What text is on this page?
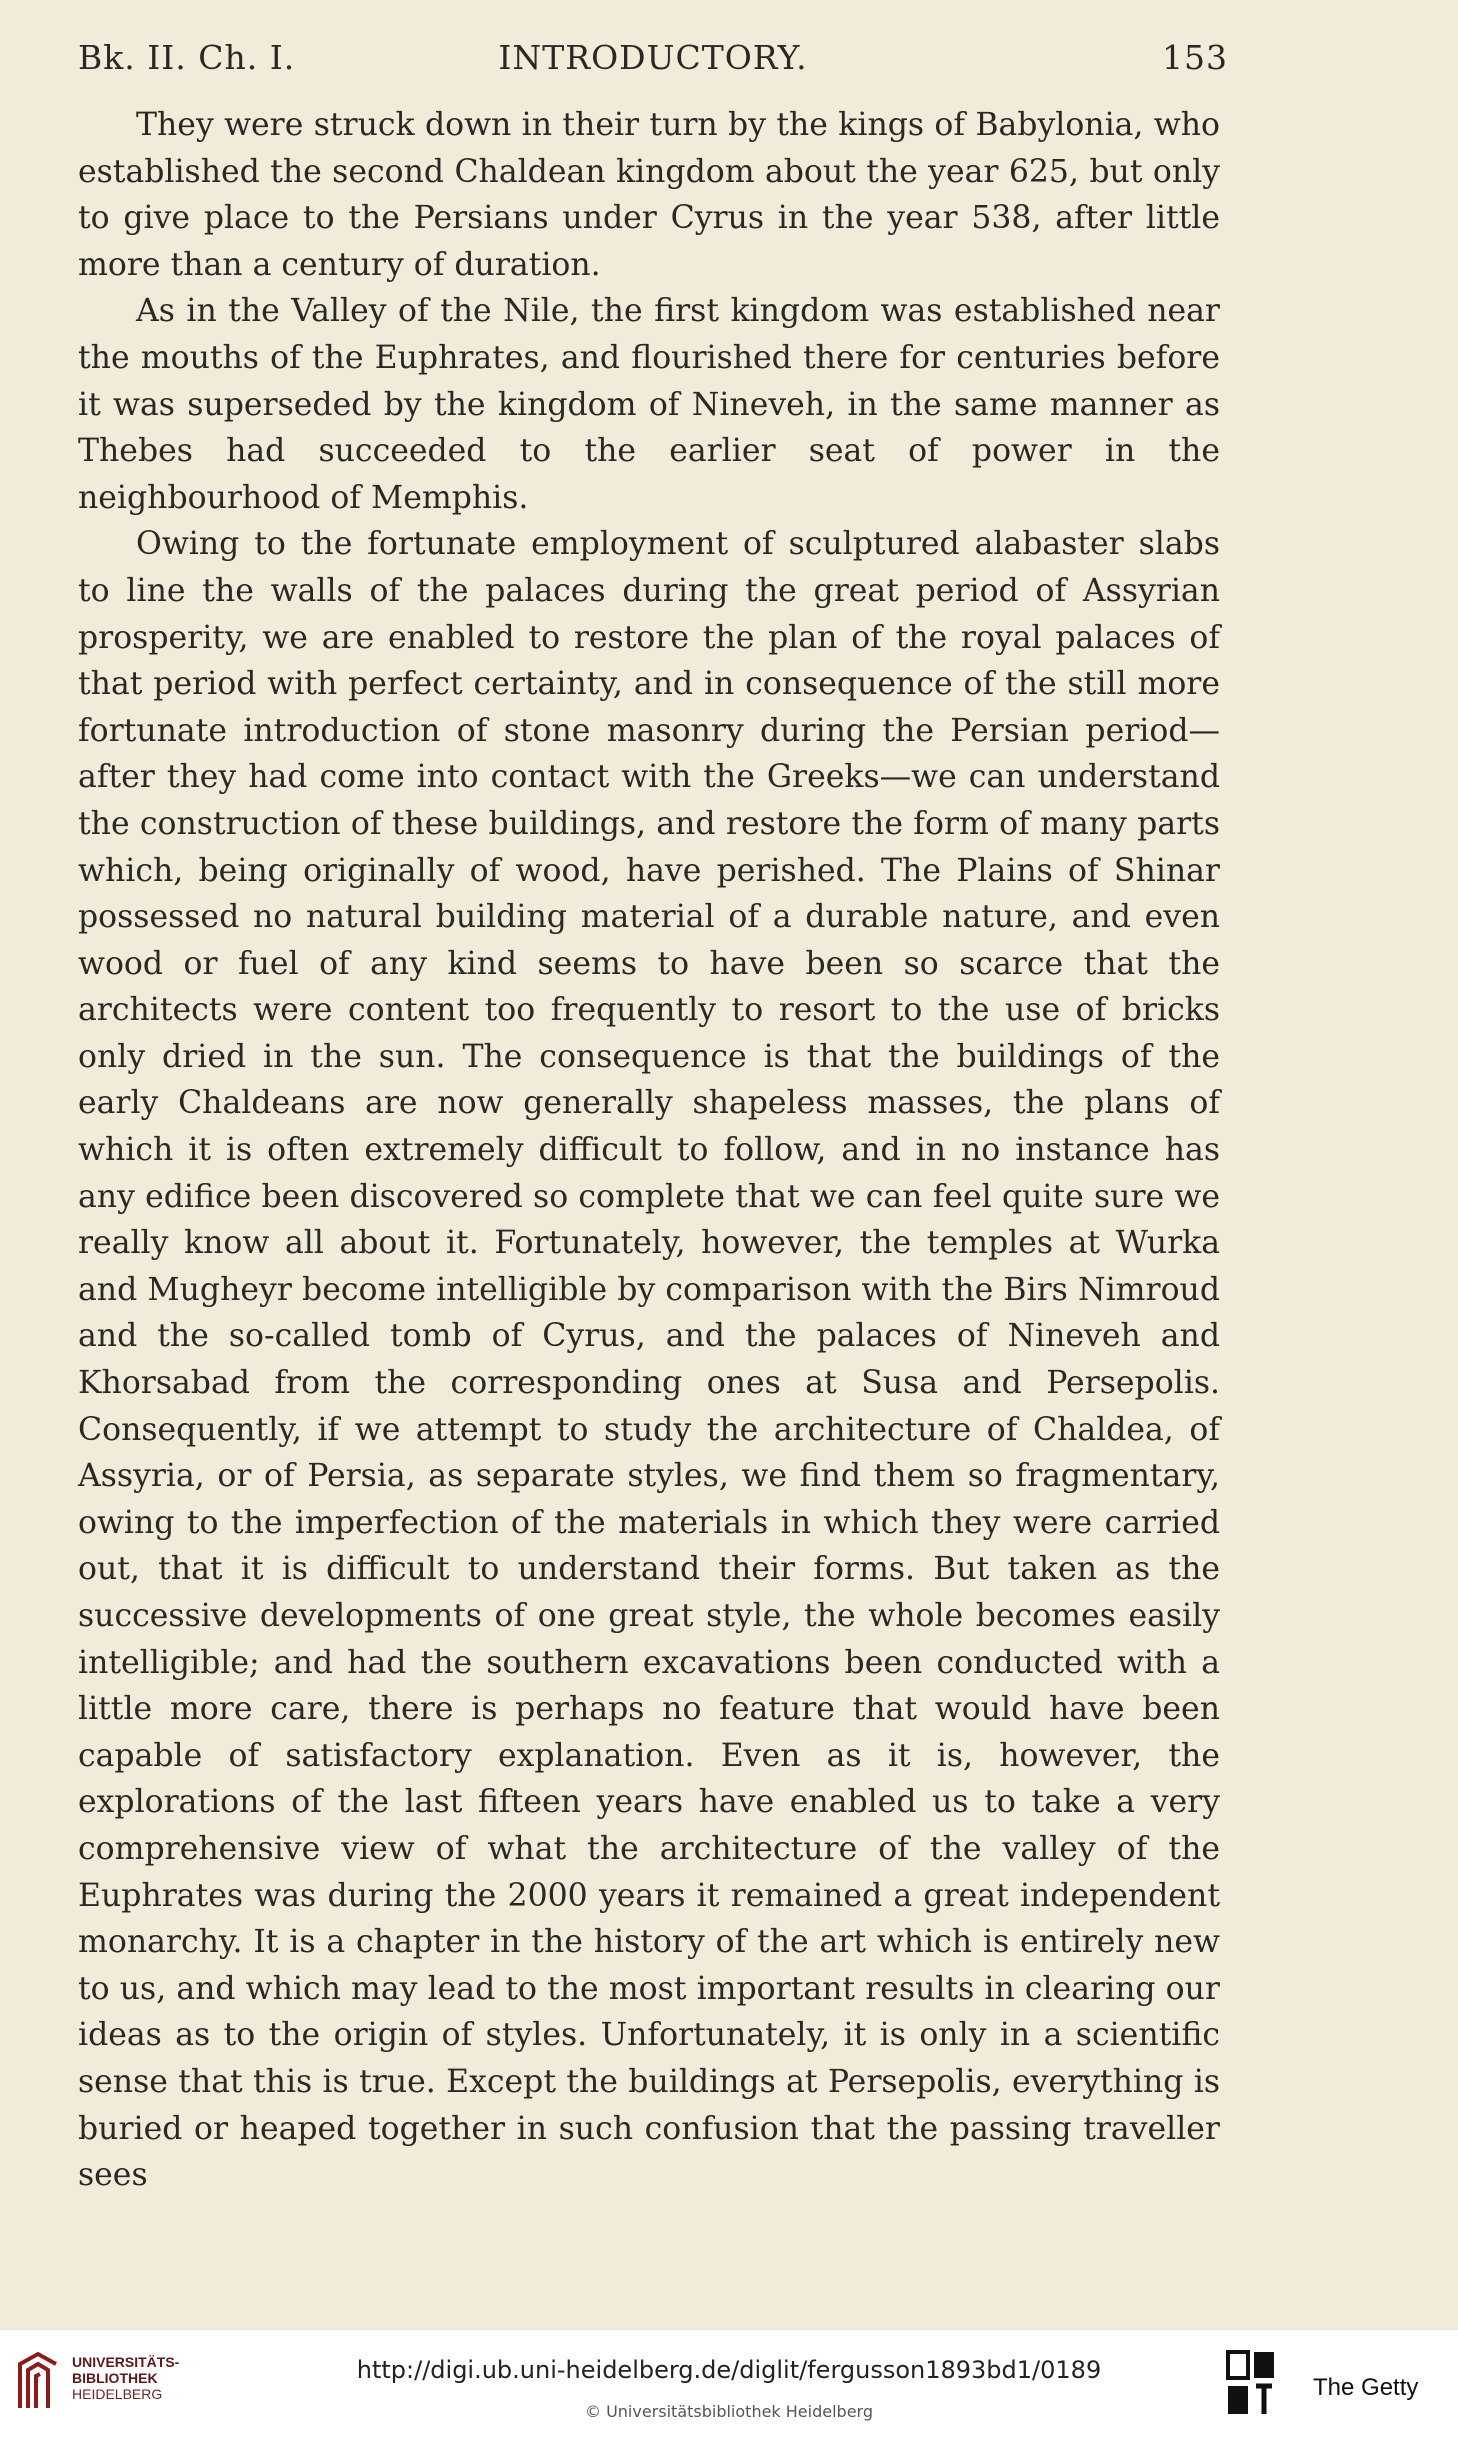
Bk. II. Ch. I.	INTRODUCTORY.	153

They were struck down in their turn by the kings of Babylonia, who established the second Chaldean kingdom about the year 625, but only to give place to the Persians under Cyrus in the year 538, after little more than a century of duration.

As in the Valley of the Nile, the first kingdom was established near the mouths of the Euphrates, and flourished there for centuries before it was superseded by the kingdom of Nineveh, in the same manner as Thebes had succeeded to the earlier seat of power in the neighbourhood of Memphis.

Owing to the fortunate employment of sculptured alabaster slabs to line the walls of the palaces during the great period of Assyrian prosperity, we are enabled to restore the plan of the royal palaces of that period with perfect certainty, and in consequence of the still more fortunate introduction of stone masonry during the Persian period— after they had come into contact with the Greeks—we can understand the construction of these buildings, and restore the form of many parts which, being originally of wood, have perished. The Plains of Shinar possessed no natural building material of a durable nature, and even wood or fuel of any kind seems to have been so scarce that the architects were content too frequently to resort to the use of bricks only dried in the sun. The consequence is that the buildings of the early Chaldeans are now generally shapeless masses, the plans of which it is often extremely difficult to follow, and in no instance has any edifice been discovered so complete that we can feel quite sure we really know all about it. Fortunately, however, the temples at Wurka and Mugheyr become intelligible by comparison with the Birs Nimroud and the so-called tomb of Cyrus, and the palaces of Nineveh and Khorsabad from the corresponding ones at Susa and Persepolis. Consequently, if we attempt to study the architecture of Chaldea, of Assyria, or of Persia, as separate styles, we find them so fragmentary, owing to the imperfection of the materials in which they were carried out, that it is difficult to understand their forms. But taken as the successive developments of one great style, the whole becomes easily intelligible; and had the southern excavations been conducted with a little more care, there is perhaps no feature that would have been capable of satisfactory explanation. Even as it is, however, the explorations of the last fifteen years have enabled us to take a very comprehensive view of what the architecture of the valley of the Euphrates was during the 2000 years it remained a great independent monarchy. It is a chapter in the history of the art which is entirely new to us, and which may lead to the most important results in clearing our ideas as to the origin of styles. Unfortunately, it is only in a scientific sense that this is true. Except the buildings at Persepolis, everything is buried or heaped together in such confusion that the passing traveller sees

UNIVERSITÄTS-
BIBLIOTHEK
HEIDELBERG
http://digi.ub.uni-heidelberg.de/diglit/fergusson1893bd1/0189
© Universitätsbibliothek Heidelberg
The Getty
